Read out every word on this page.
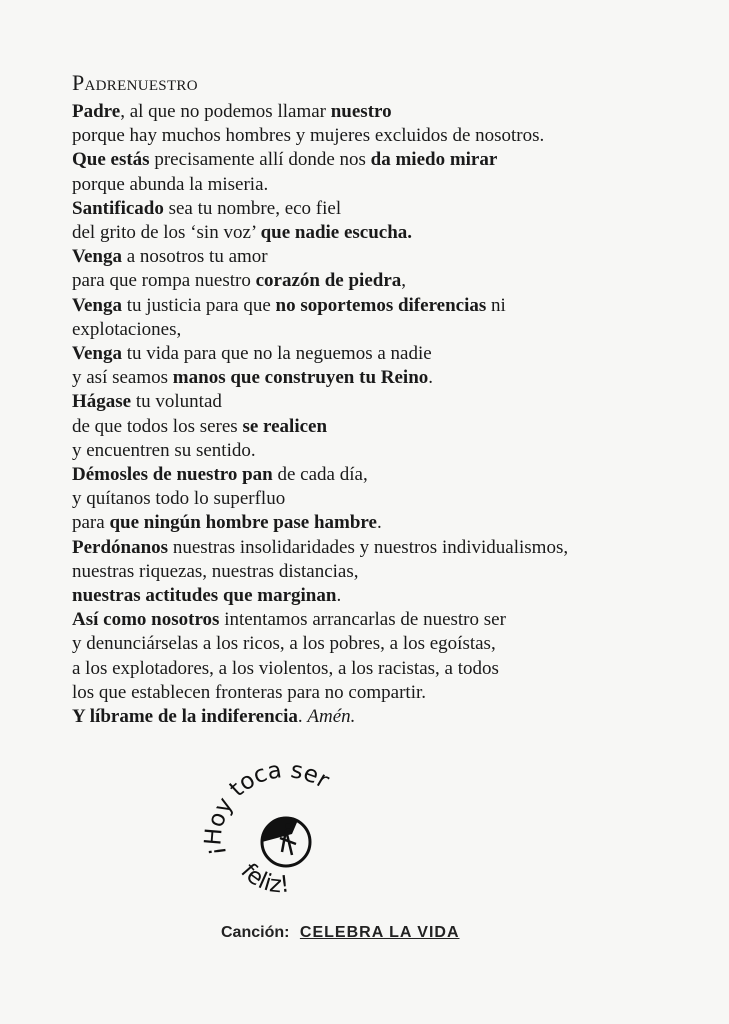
Padrenuestro
Padre, al que no podemos llamar nuestro
porque hay muchos hombres y mujeres excluidos de nosotros.
Que estás precisamente allí donde nos da miedo mirar
porque abunda la miseria.
Santificado sea tu nombre, eco fiel
del grito de los ‘sin voz’ que nadie escucha.
Venga a nosotros tu amor
para que rompa nuestro corazón de piedra,
Venga tu justicia para que no soportemos diferencias ni
explotaciones,
Venga tu vida para que no la neguemos a nadie
y así seamos manos que construyen tu Reino.
Hágase tu voluntad
de que todos los seres se realicen
y encuentren su sentido.
Démosles de nuestro pan de cada día,
y quítanos todo lo superfluo
para que ningún hombre pase hambre.
Perdónanos nuestras insolidaridades y nuestros individualismos,
nuestras riquezas, nuestras distancias,
nuestras actitudes que marginan.
Así como nosotros intentamos arrancarlas de nuestro ser
y denunciárselas a los ricos, a los pobres, a los egoístas,
a los explotadores, a los violentos, a los racistas, a todos
los que establecen fronteras para no compartir.
Y líbrame de la indiferencia. Amén.
¡Hoy toca ser
feliz!
Canción: CELEBRA LA VIDA
